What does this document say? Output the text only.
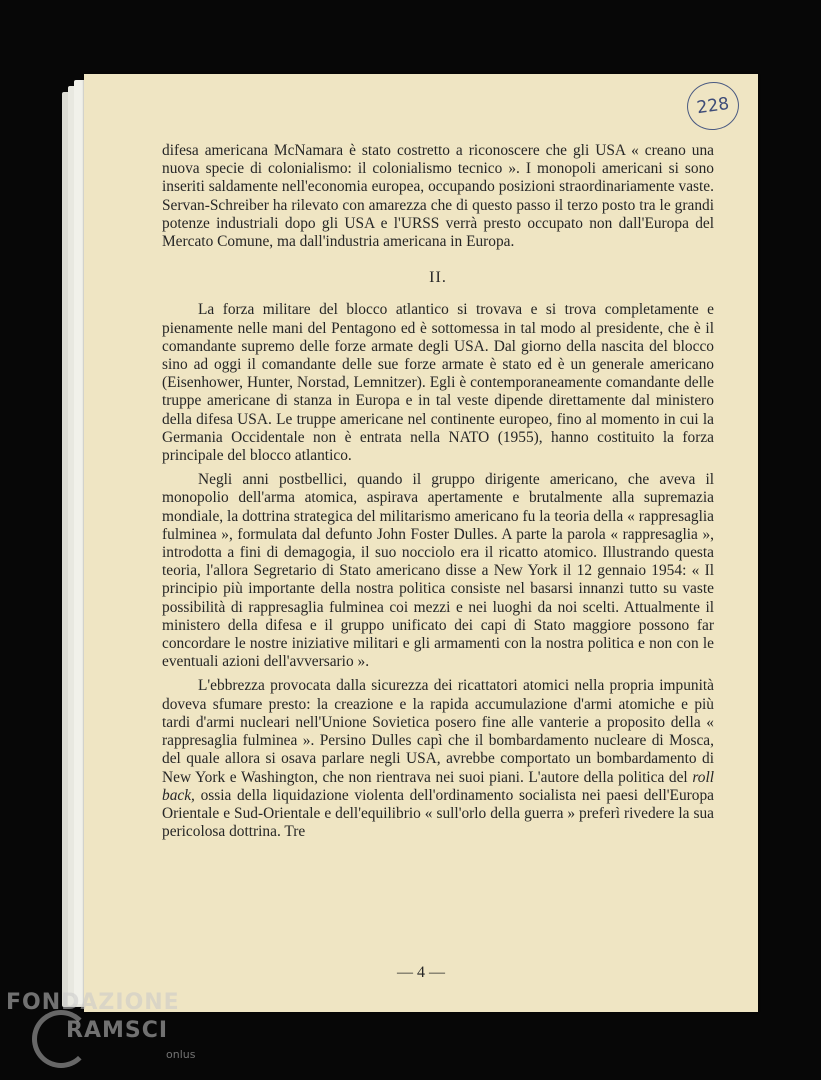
228

difesa americana McNamara è stato costretto a riconoscere che gli USA « creano una nuova specie di colonialismo: il colonialismo tecnico ». I monopoli americani si sono inseriti saldamente nell'economia europea, occupando posizioni straordinariamente vaste. Servan-Schreiber ha rilevato con amarezza che di questo passo il terzo posto tra le grandi potenze industriali dopo gli USA e l'URSS verrà presto occupato non dall'Europa del Mercato Comune, ma dall'industria americana in Europa.

II.

La forza militare del blocco atlantico si trovava e si trova completamente e pienamente nelle mani del Pentagono ed è sottomessa in tal modo al presidente, che è il comandante supremo delle forze armate degli USA. Dal giorno della nascita del blocco sino ad oggi il comandante delle sue forze armate è stato ed è un generale americano (Eisenhower, Hunter, Norstad, Lemnitzer). Egli è contemporaneamente comandante delle truppe americane di stanza in Europa e in tal veste dipende direttamente dal ministero della difesa USA. Le truppe americane nel continente europeo, fino al momento in cui la Germania Occidentale non è entrata nella NATO (1955), hanno costituito la forza principale del blocco atlantico.

Negli anni postbellici, quando il gruppo dirigente americano, che aveva il monopolio dell'arma atomica, aspirava apertamente e brutalmente alla supremazia mondiale, la dottrina strategica del militarismo americano fu la teoria della « rappresaglia fulminea », formulata dal defunto John Foster Dulles. A parte la parola « rappresaglia », introdotta a fini di demagogia, il suo nocciolo era il ricatto atomico. Illustrando questa teoria, l'allora Segretario di Stato americano disse a New York il 12 gennaio 1954: « Il principio più importante della nostra politica consiste nel basarsi innanzi tutto su vaste possibilità di rappresaglia fulminea coi mezzi e nei luoghi da noi scelti. Attualmente il ministero della difesa e il gruppo unificato dei capi di Stato maggiore possono far concordare le nostre iniziative militari e gli armamenti con la nostra politica e non con le eventuali azioni dell'avversario ».

L'ebbrezza provocata dalla sicurezza dei ricattatori atomici nella propria impunità doveva sfumare presto: la creazione e la rapida accumulazione d'armi atomiche e più tardi d'armi nucleari nell'Unione Sovietica posero fine alle vanterie a proposito della « rappresaglia fulminea ». Persino Dulles capì che il bombardamento nucleare di Mosca, del quale allora si osava parlare negli USA, avrebbe comportato un bombardamento di New York e Washington, che non rientrava nei suoi piani. L'autore della politica del roll back, ossia della liquidazione violenta dell'ordinamento socialista nei paesi dell'Europa Orientale e Sud-Orientale e dell'equilibrio « sull'orlo della guerra » preferì rivedere la sua pericolosa dottrina. Tre

— 4 —
FONDAZIONE
RAMSCI
onlus
